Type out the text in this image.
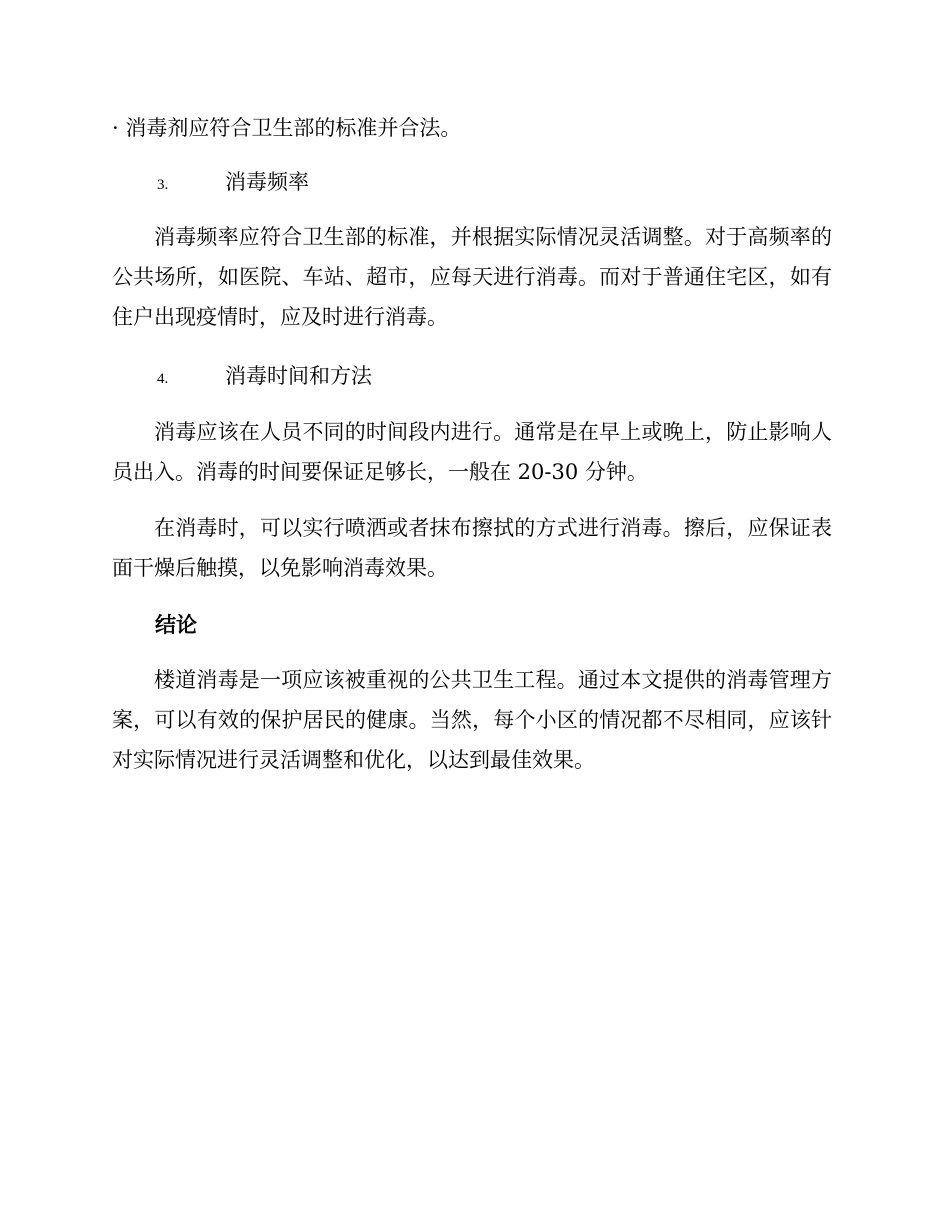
· 消毒剂应符合卫生部的标准并合法。

3.	消毒频率

消毒频率应符合卫生部的标准，并根据实际情况灵活调整。对于高频率的公共场所，如医院、车站、超市，应每天进行消毒。而对于普通住宅区，如有住户出现疫情时，应及时进行消毒。

4.	消毒时间和方法

消毒应该在人员不同的时间段内进行。通常是在早上或晚上，防止影响人员出入。消毒的时间要保证足够长，一般在 20-30 分钟。

在消毒时，可以实行喷洒或者抹布擦拭的方式进行消毒。擦后，应保证表面干燥后触摸，以免影响消毒效果。

结论

楼道消毒是一项应该被重视的公共卫生工程。通过本文提供的消毒管理方案，可以有效的保护居民的健康。当然，每个小区的情况都不尽相同，应该针对实际情况进行灵活调整和优化，以达到最佳效果。
